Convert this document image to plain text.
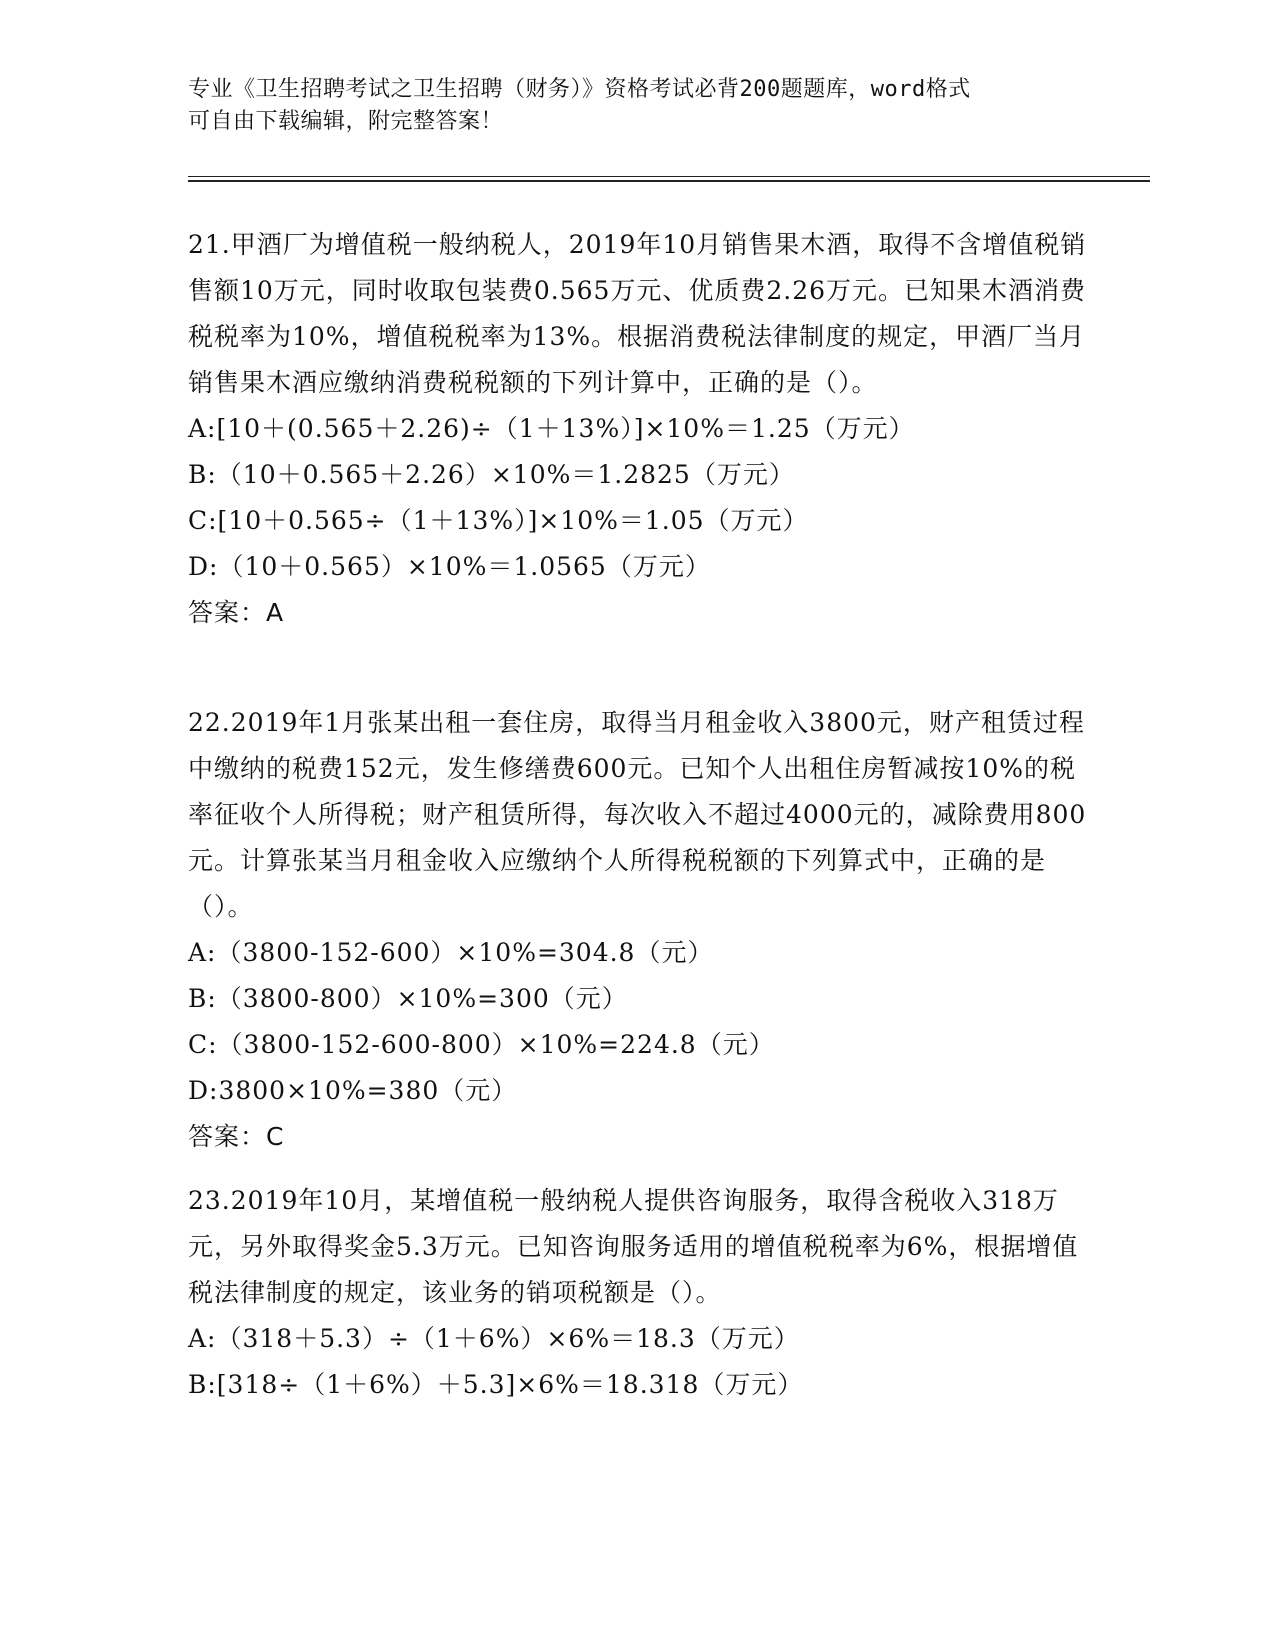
专业《卫生招聘考试之卫生招聘（财务）》资格考试必背200题题库，word格式
可自由下载编辑，附完整答案！

21.甲酒厂为增值税一般纳税人，2019年10月销售果木酒，取得不含增值税销售额10万元，同时收取包装费0.565万元、优质费2.26万元。已知果木酒消费税税率为10%，增值税税率为13%。根据消费税法律制度的规定，甲酒厂当月销售果木酒应缴纳消费税税额的下列计算中，正确的是（）。

A:[10＋(0.565＋2.26)÷（1＋13%）]×10%＝1.25（万元）

B:（10＋0.565＋2.26）×10%＝1.2825（万元）

C:[10＋0.565÷（1＋13%）]×10%＝1.05（万元）

D:（10＋0.565）×10%＝1.0565（万元）

答案：A

22.2019年1月张某出租一套住房，取得当月租金收入3800元，财产租赁过程中缴纳的税费152元，发生修缮费600元。已知个人出租住房暂减按10%的税率征收个人所得税；财产租赁所得，每次收入不超过4000元的，减除费用800元。计算张某当月租金收入应缴纳个人所得税税额的下列算式中，正确的是（）。

A:（3800-152-600）×10%=304.8（元）

B:（3800-800）×10%=300（元）

C:（3800-152-600-800）×10%=224.8（元）

D:3800×10%=380（元）

答案：C

23.2019年10月，某增值税一般纳税人提供咨询服务，取得含税收入318万元，另外取得奖金5.3万元。已知咨询服务适用的增值税税率为6%，根据增值税法律制度的规定，该业务的销项税额是（）。

A:（318＋5.3）÷（1＋6%）×6%＝18.3（万元）

B:[318÷（1＋6%）＋5.3]×6%＝18.318（万元）
